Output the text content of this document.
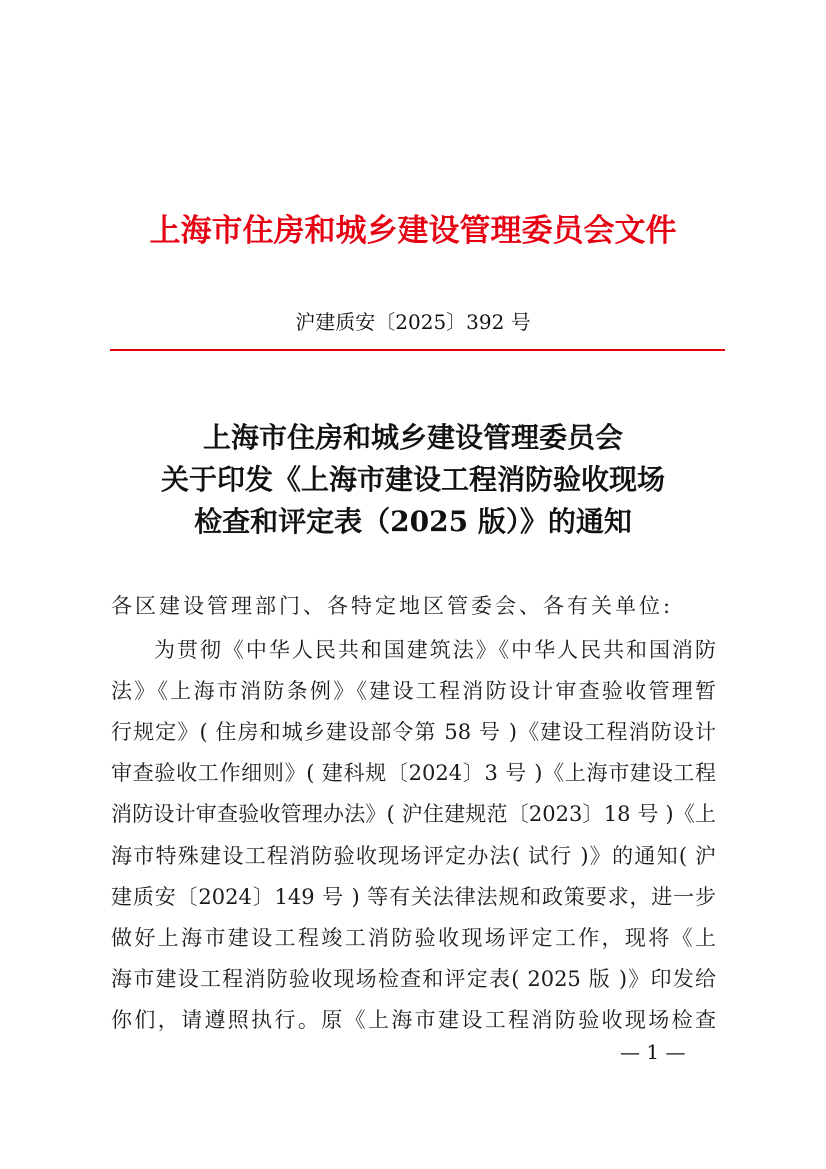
上海市住房和城乡建设管理委员会文件
沪建质安〔2025〕392 号
上海市住房和城乡建设管理委员会
关于印发《上海市建设工程消防验收现场
检查和评定表（2025 版）》的通知
各区建设管理部门、各特定地区管委会、各有关单位:
为贯彻《中华人民共和国建筑法》《中华人民共和国消防
法》《上海市消防条例》《建设工程消防设计审查验收管理暂
行规定》( 住房和城乡建设部令第 58 号 )《建设工程消防设计
审查验收工作细则》( 建科规〔2024〕3 号 )《上海市建设工程
消防设计审查验收管理办法》( 沪住建规范〔2023〕18 号 )《上
海市特殊建设工程消防验收现场评定办法( 试行 )》的通知( 沪
建质安〔2024〕149 号 ) 等有关法律法规和政策要求，进一步
做好上海市建设工程竣工消防验收现场评定工作，现将《上
海市建设工程消防验收现场检查和评定表( 2025 版 )》印发给
你们，请遵照执行。原《上海市建设工程消防验收现场检查
— 1 —
